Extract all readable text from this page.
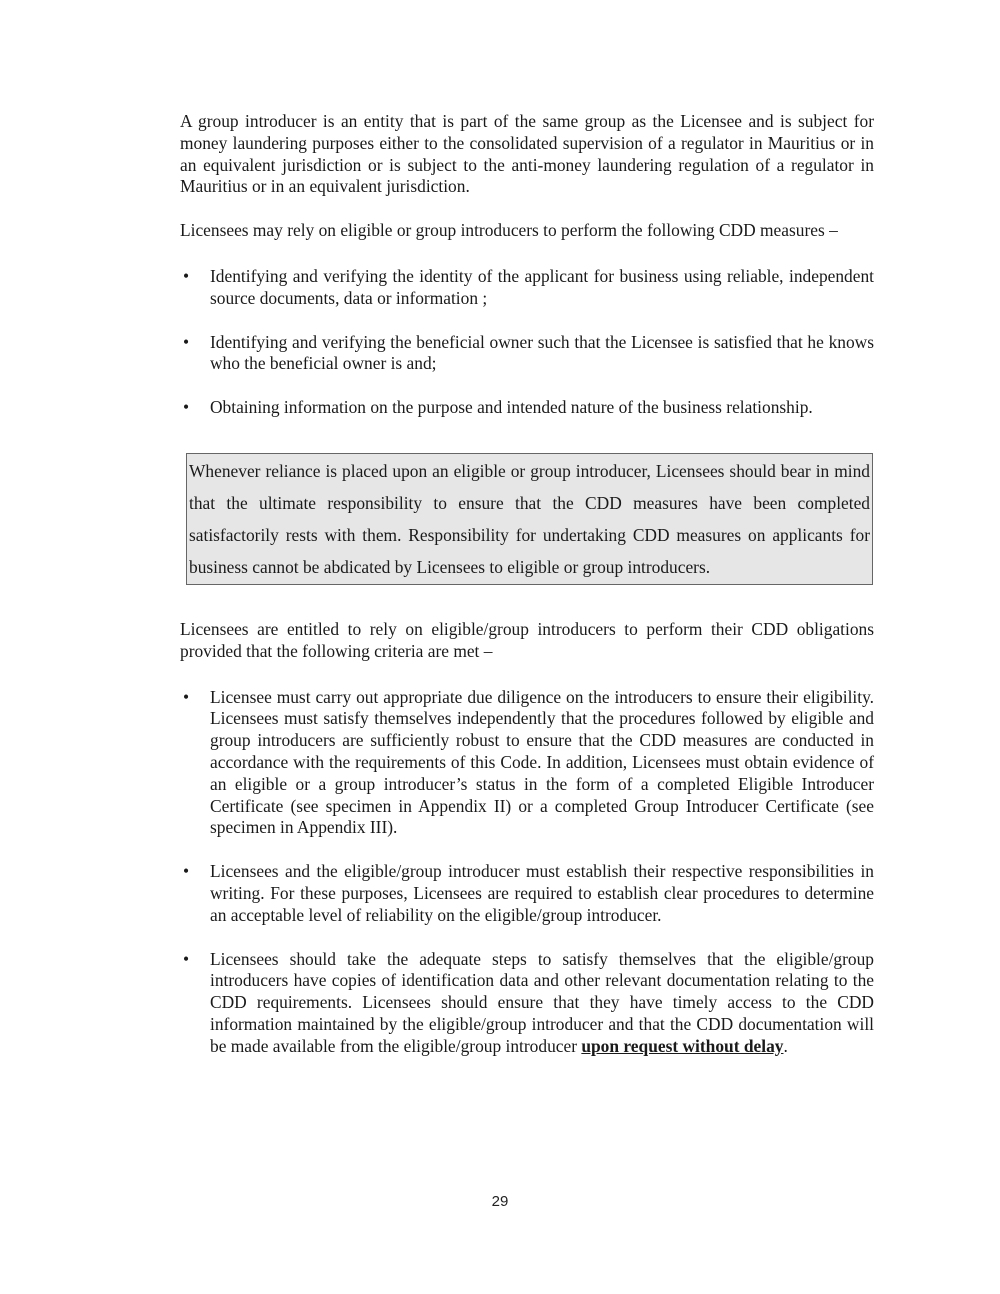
A group introducer is an entity that is part of the same group as the Licensee and is subject for money laundering purposes either to the consolidated supervision of a regulator in Mauritius or in an equivalent jurisdiction or is subject to the anti-money laundering regulation of a regulator in Mauritius or in an equivalent jurisdiction.

Licensees may rely on eligible or group introducers to perform the following CDD measures –

• Identifying and verifying the identity of the applicant for business using reliable, independent source documents, data or information ;
• Identifying and verifying the beneficial owner such that the Licensee is satisfied that he knows who the beneficial owner is and;
• Obtaining information on the purpose and intended nature of the business relationship.
Whenever reliance is placed upon an eligible or group introducer, Licensees should bear in mind that the ultimate responsibility to ensure that the CDD measures have been completed satisfactorily rests with them. Responsibility for undertaking CDD measures on applicants for business cannot be abdicated by Licensees to eligible or group introducers.

Licensees are entitled to rely on eligible/group introducers to perform their CDD obligations provided that the following criteria are met –

• Licensee must carry out appropriate due diligence on the introducers to ensure their eligibility. Licensees must satisfy themselves independently that the procedures followed by eligible and group introducers are sufficiently robust to ensure that the CDD measures are conducted in accordance with the requirements of this Code. In addition, Licensees must obtain evidence of an eligible or a group introducer’s status in the form of a completed Eligible Introducer Certificate (see specimen in Appendix II) or a completed Group Introducer Certificate (see specimen in Appendix III).
• Licensees and the eligible/group introducer must establish their respective responsibilities in writing. For these purposes, Licensees are required to establish clear procedures to determine an acceptable level of reliability on the eligible/group introducer.
• Licensees should take the adequate steps to satisfy themselves that the eligible/group introducers have copies of identification data and other relevant documentation relating to the CDD requirements. Licensees should ensure that they have timely access to the CDD information maintained by the eligible/group introducer and that the CDD documentation will be made available from the eligible/group introducer upon request without delay.
29
